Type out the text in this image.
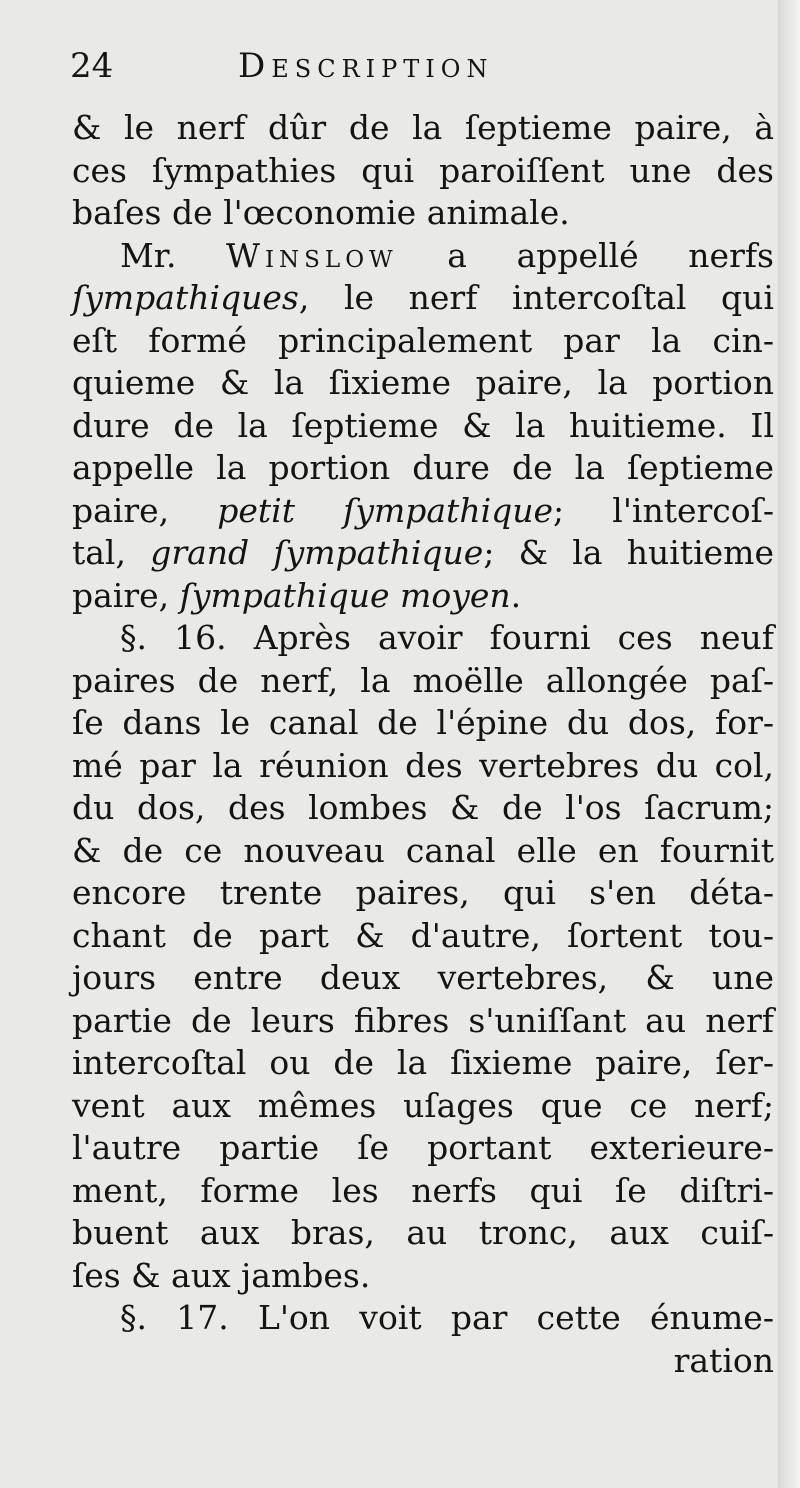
24	Description
& le nerf dûr de la ſeptieme paire, à
ces ſympathies qui paroiſſent une des
baſes de l'œconomie animale.
Mr. Winslow a appellé nerfs
ſympathiques, le nerf intercoſtal qui
eſt formé principalement par la cin-
quieme & la ſixieme paire, la portion
dure de la ſeptieme & la huitieme. Il
appelle la portion dure de la ſeptieme
paire, petit ſympathique; l'intercoſ-
tal, grand ſympathique; & la huitieme
paire, ſympathique moyen.
§. 16. Après avoir fourni ces neuf
paires de nerf, la moëlle allongée paſ-
ſe dans le canal de l'épine du dos, for-
mé par la réunion des vertebres du col,
du dos, des lombes & de l'os ſacrum;
& de ce nouveau canal elle en fournit
encore trente paires, qui s'en déta-
chant de part & d'autre, ſortent tou-
jours entre deux vertebres, & une
partie de leurs fibres s'uniſſant au nerf
intercoſtal ou de la ſixieme paire, ſer-
vent aux mêmes uſages que ce nerf;
l'autre partie ſe portant exterieure-
ment, forme les nerfs qui ſe diſtri-
buent aux bras, au tronc, aux cuiſ-
ſes & aux jambes.
§. 17. L'on voit par cette énume-
ration
